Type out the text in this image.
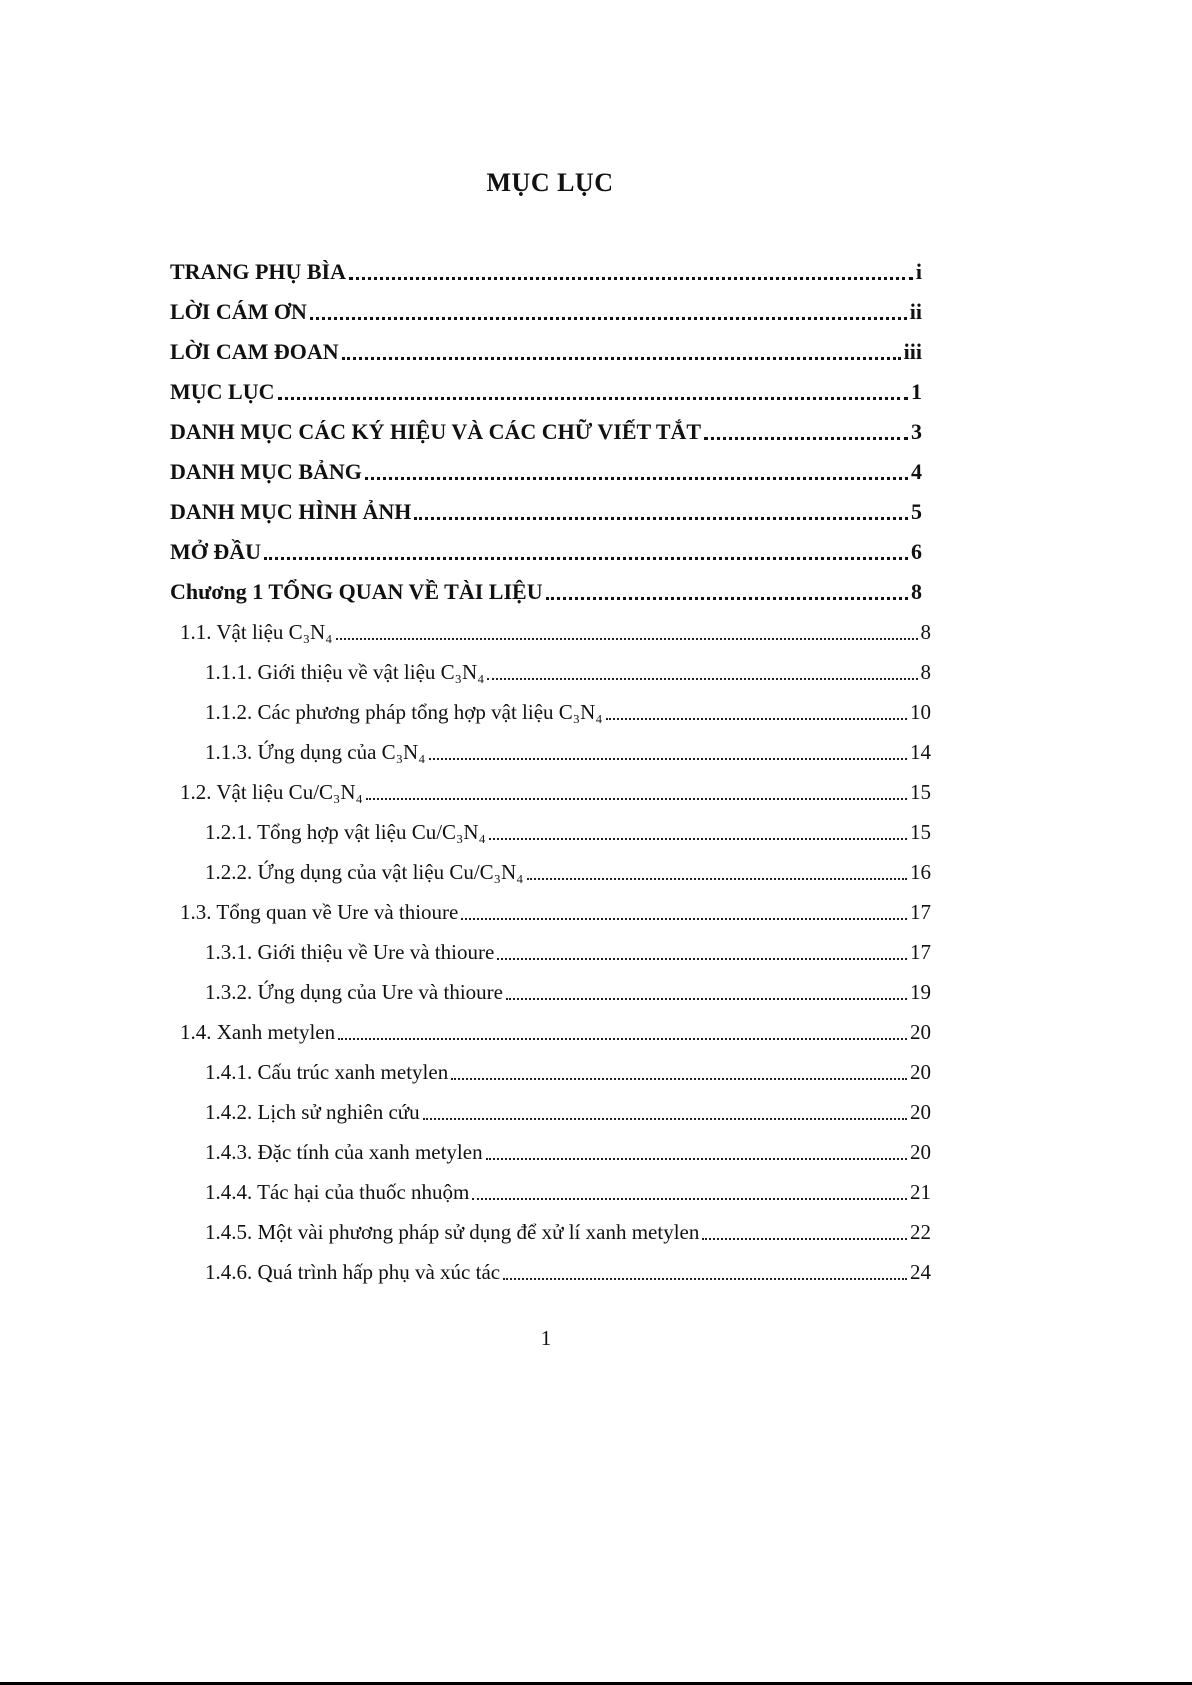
MỤC LỤC
TRANG PHỤ BÌA	i
LỜI CÁM ƠN	ii
LỜI CAM ĐOAN	iii
MỤC LỤC	1
DANH MỤC CÁC KÝ HIỆU VÀ CÁC CHỮ VIẾT TẮT	3
DANH MỤC BẢNG	4
DANH MỤC HÌNH ẢNH	5
MỞ ĐẦU	6
Chương 1 TỔNG QUAN VỀ TÀI LIỆU	8
1.1. Vật liệu C₃N₄	8
1.1.1. Giới thiệu về vật liệu C₃N₄	8
1.1.2. Các phương pháp tổng hợp vật liệu C₃N₄	10
1.1.3. Ứng dụng của C₃N₄	14
1.2. Vật liệu Cu/C₃N₄	15
1.2.1. Tổng hợp vật liệu Cu/C₃N₄	15
1.2.2. Ứng dụng của vật liệu Cu/C₃N₄	16
1.3. Tổng quan về Ure và thioure	17
1.3.1. Giới thiệu về Ure và thioure	17
1.3.2. Ứng dụng của Ure và thioure	19
1.4. Xanh metylen	20
1.4.1. Cấu trúc xanh metylen	20
1.4.2. Lịch sử nghiên cứu	20
1.4.3. Đặc tính của xanh metylen	20
1.4.4. Tác hại của thuốc nhuộm	21
1.4.5. Một vài phương pháp sử dụng để xử lí xanh metylen	22
1.4.6. Quá trình hấp phụ và xúc tác	24
1
